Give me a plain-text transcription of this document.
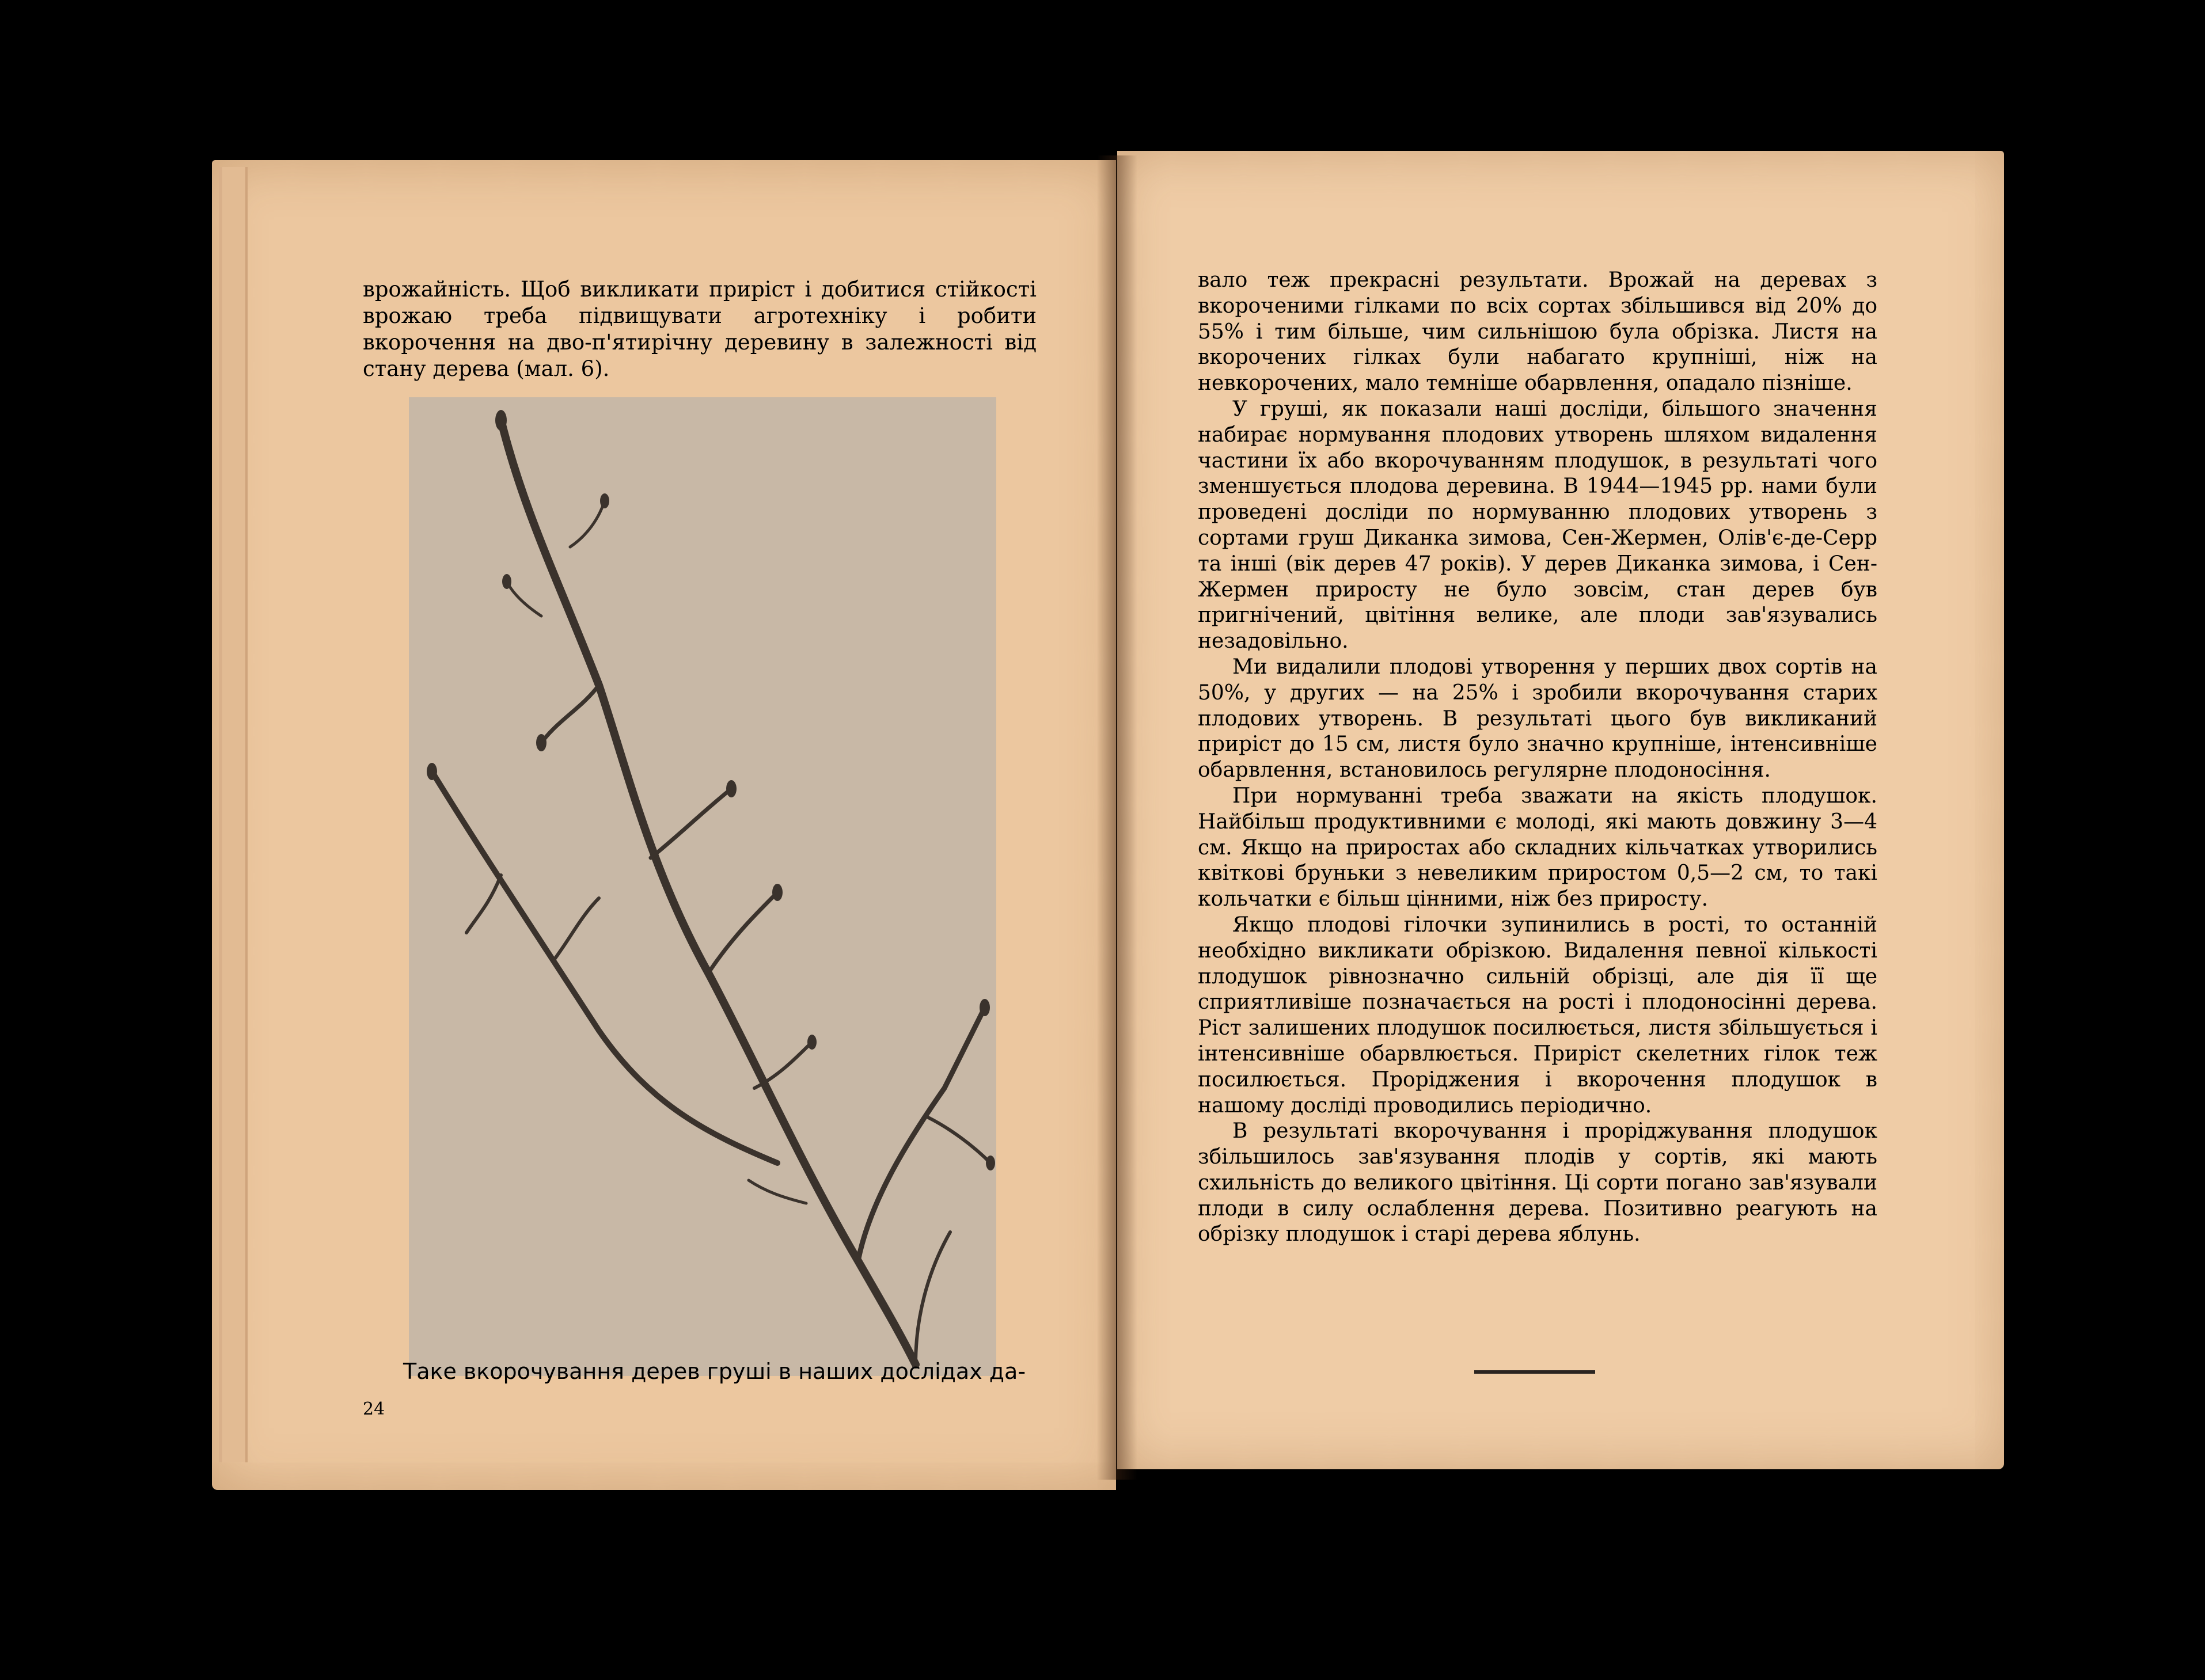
врожайність. Щоб викликати приріст і добитися стійкості врожаю треба підвищувати агротехніку і робити вкорочення на дво-п'ятирічну деревину в залежності від стану дерева (мал. 6).
Таке вкорочування дерев груші в наших дослідах да-
24

вало теж прекрасні результати. Врожай на деревах з вкороченими гілками по всіх сортах збільшився від 20% до 55% і тим більше, чим сильнішою була обрізка. Листя на вкорочених гілках були набагато крупніші, ніж на невкорочених, мало темніше обарвлення, опадало пізніше.

У груші, як показали наші досліди, більшого значення набирає нормування плодових утворень шляхом видалення частини їх або вкорочуванням плодушок, в результаті чого зменшується плодова деревина. В 1944—1945 рр. нами були проведені досліди по нормуванню плодових утворень з сортами груш Диканка зимова, Сен-Жермен, Олів'є-де-Серр та інші (вік дерев 47 років). У дерев Диканка зимова, і Сен-Жермен приросту не було зовсім, стан дерев був пригнічений, цвітіння велике, але плоди зав'язувались незадовільно.

Ми видалили плодові утворення у перших двох сортів на 50%, у других — на 25% і зробили вкорочування старих плодових утворень. В результаті цього був викликаний приріст до 15 см, листя було значно крупніше, інтенсивніше обарвлення, встановилось регулярне плодоносіння.

При нормуванні треба зважати на якість плодушок. Найбільш продуктивними є молоді, які мають довжину 3—4 см. Якщо на приростах або складних кільчатках утворились квіткові бруньки з невеликим приростом 0,5—2 см, то такі кольчатки є більш цінними, ніж без приросту.

Якщо плодові гілочки зупинились в рості, то останній необхідно викликати обрізкою. Видалення певної кількості плодушок рівнозначно сильній обрізці, але дія її ще сприятливіше позначається на рості і плодоносінні дерева. Ріст залишених плодушок посилюється, листя збільшується і інтенсивніше обарвлюється. Приріст скелетних гілок теж посилюється. Проріджения і вкорочення плодушок в нашому досліді проводились періодично.

В результаті вкорочування і проріджування плодушок збільшилось зав'язування плодів у сортів, які мають схильність до великого цвітіння. Ці сорти погано зав'язували плоди в силу ослаблення дерева. Позитивно реагують на обрізку плодушок і старі дерева яблунь.
